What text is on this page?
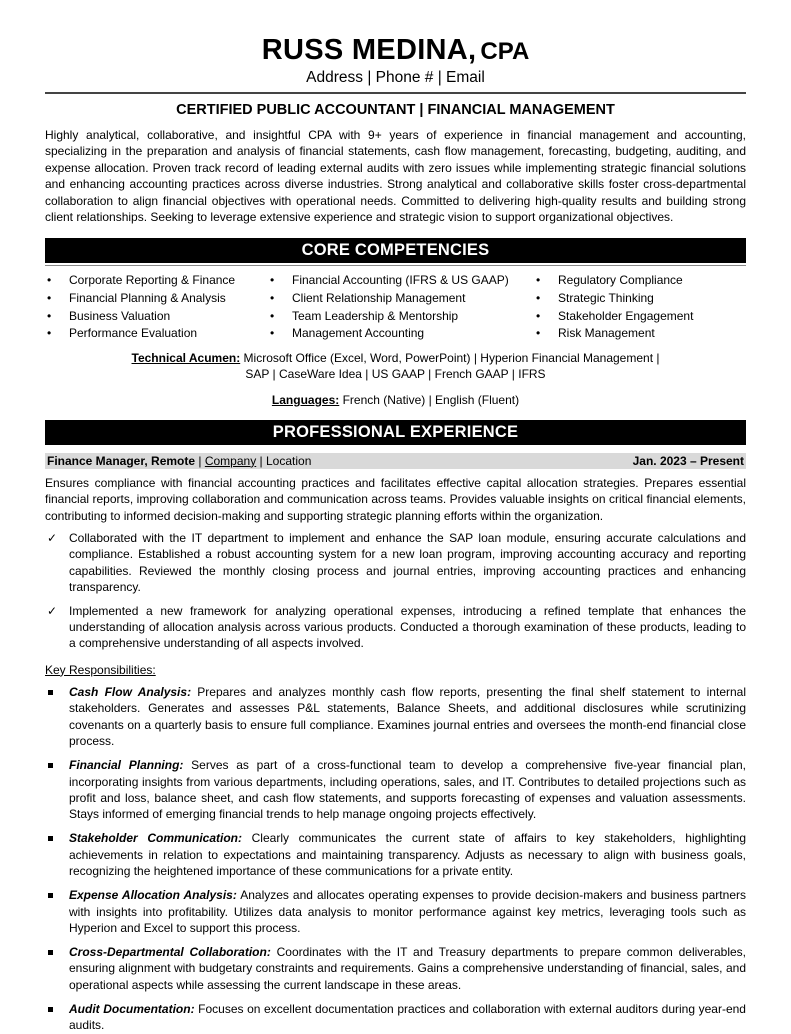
RUSS MEDINA, CPA
Address | Phone # | Email
CERTIFIED PUBLIC ACCOUNTANT | FINANCIAL MANAGEMENT

Highly analytical, collaborative, and insightful CPA with 9+ years of experience in financial management and accounting, specializing in the preparation and analysis of financial statements, cash flow management, forecasting, budgeting, auditing, and expense allocation. Proven track record of leading external audits with zero issues while implementing strategic financial solutions and enhancing accounting practices across diverse industries. Strong analytical and collaborative skills foster cross-departmental collaboration to align financial objectives with operational needs. Committed to delivering high-quality results and building strong client relationships. Seeking to leverage extensive experience and strategic vision to support organizational objectives.

CORE COMPETENCIES
• Corporate Reporting & Finance
• Financial Planning & Analysis
• Business Valuation
• Performance Evaluation
• Financial Accounting (IFRS & US GAAP)
• Client Relationship Management
• Team Leadership & Mentorship
• Management Accounting
• Regulatory Compliance
• Strategic Thinking
• Stakeholder Engagement
• Risk Management
Technical Acumen: Microsoft Office (Excel, Word, PowerPoint) | Hyperion Financial Management |
SAP | CaseWare Idea | US GAAP | French GAAP | IFRS
Languages: French (Native) | English (Fluent)
PROFESSIONAL EXPERIENCE
Finance Manager, Remote | Company | Location	Jan. 2023 – Present

Ensures compliance with financial accounting practices and facilitates effective capital allocation strategies. Prepares essential financial reports, improving collaboration and communication across teams. Provides valuable insights on critical financial elements, contributing to informed decision-making and supporting strategic planning efforts within the organization.

✓ Collaborated with the IT department to implement and enhance the SAP loan module, ensuring accurate calculations and compliance. Established a robust accounting system for a new loan program, improving accounting accuracy and reporting capabilities. Reviewed the monthly closing process and journal entries, improving accounting practices and enhancing transparency.
✓ Implemented a new framework for analyzing operational expenses, introducing a refined template that enhances the understanding of allocation analysis across various products. Conducted a thorough examination of these products, leading to a comprehensive understanding of all aspects involved.
Key Responsibilities:
Cash Flow Analysis: Prepares and analyzes monthly cash flow reports, presenting the final shelf statement to internal stakeholders. Generates and assesses P&L statements, Balance Sheets, and additional disclosures while scrutinizing covenants on a quarterly basis to ensure full compliance. Examines journal entries and oversees the month-end financial close process.
Financial Planning: Serves as part of a cross-functional team to develop a comprehensive five-year financial plan, incorporating insights from various departments, including operations, sales, and IT. Contributes to detailed projections such as profit and loss, balance sheet, and cash flow statements, and supports forecasting of expenses and valuation assessments. Stays informed of emerging financial trends to help manage ongoing projects effectively.
Stakeholder Communication: Clearly communicates the current state of affairs to key stakeholders, highlighting achievements in relation to expectations and maintaining transparency. Adjusts as necessary to align with business goals, recognizing the heightened importance of these communications for a private entity.
Expense Allocation Analysis: Analyzes and allocates operating expenses to provide decision-makers and business partners with insights into profitability. Utilizes data analysis to monitor performance against key metrics, leveraging tools such as Hyperion and Excel to support this process.
Cross-Departmental Collaboration: Coordinates with the IT and Treasury departments to prepare common deliverables, ensuring alignment with budgetary constraints and requirements. Gains a comprehensive understanding of financial, sales, and operational aspects while assessing the current landscape in these areas.
Audit Documentation: Focuses on excellent documentation practices and collaboration with external auditors during year-end audits.
